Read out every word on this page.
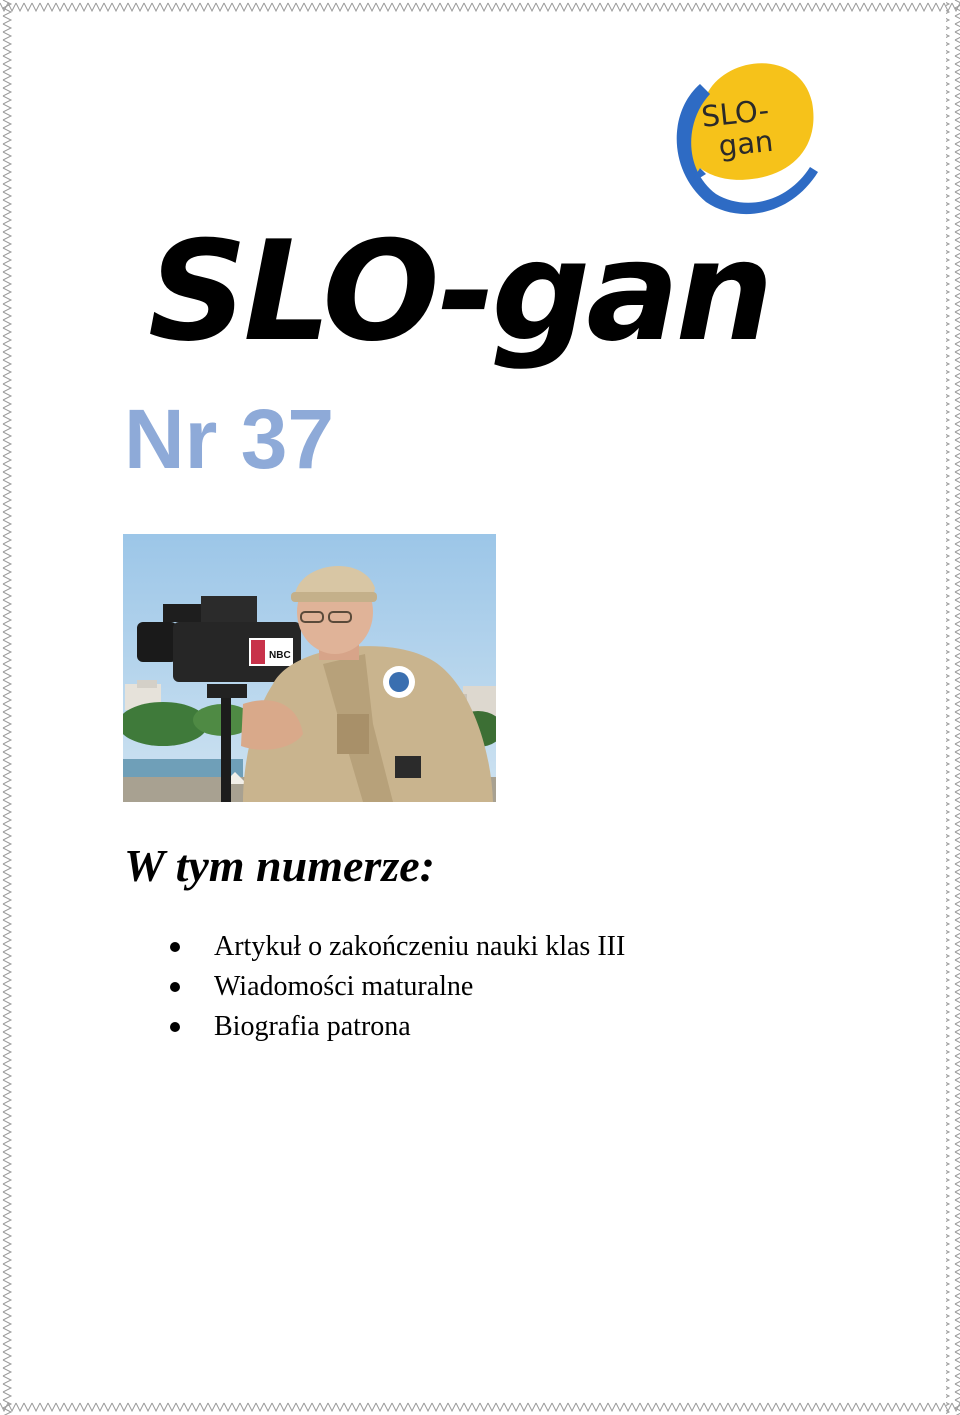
SLO-
gan
SLO-gan
Nr 37
NBC
W tym numerze:
Artykuł o zakończeniu nauki klas III
Wiadomości maturalne
Biografia patrona
